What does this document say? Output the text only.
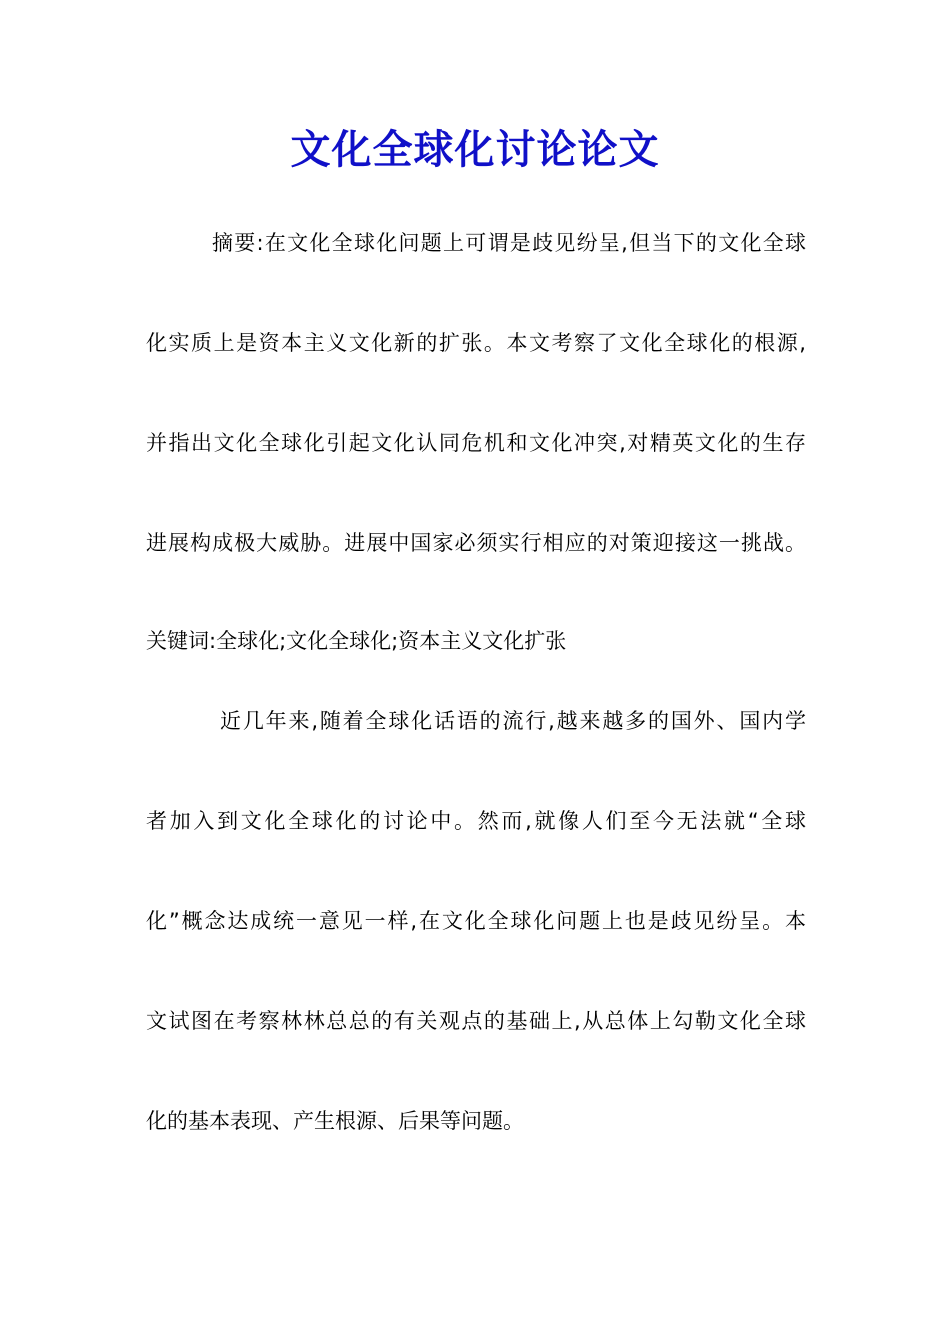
文化全球化讨论论文
摘要:在文化全球化问题上可谓是歧见纷呈,但当下的文化全球
化实质上是资本主义文化新的扩张。本文考察了文化全球化的根源,
并指出文化全球化引起文化认同危机和文化冲突,对精英文化的生存
进展构成极大威胁。进展中国家必须实行相应的对策迎接这一挑战。
关键词:全球化;文化全球化;资本主义文化扩张
近几年来,随着全球化话语的流行,越来越多的国外、国内学
者加入到文化全球化的讨论中。然而,就像人们至今无法就“全球
化”概念达成统一意见一样,在文化全球化问题上也是歧见纷呈。本
文试图在考察林林总总的有关观点的基础上,从总体上勾勒文化全球
化的基本表现、产生根源、后果等问题。
